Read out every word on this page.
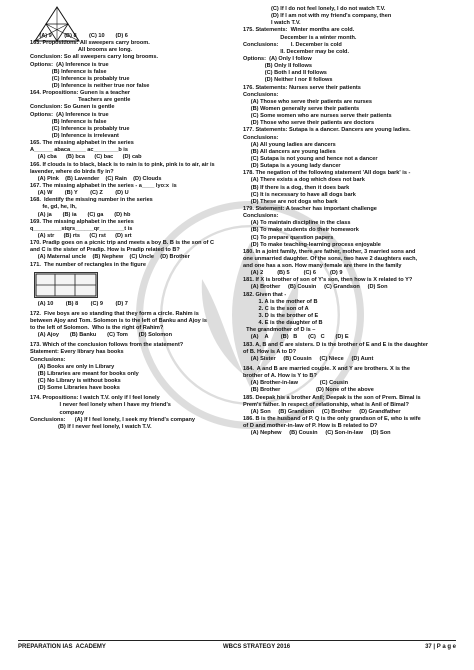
(A) 9        (B) 8        (C) 10       (D) 6
163. Propositions: All sweepers carry broom.
All brooms are long.
Conclusion: So all sweepers carry long brooms.
Options:  (A) Inference is true
(B) Inference is false
(C) Inference is probably true
(D) Inference is neither true nor false
164. Propositions: Gunen is a teacher
Teachers are gentle
Conclusion: So Gunen is gentle
Options:  (A) Inference is true
(B) Inference is false
(C) Inference is probably true
(D) Inference is irrelevant
165. The missing alphabet in the series
A______ abaca_____ ac________b is
(A) cba      (B) bca      (C) bac      (D) cab
166. If clouds is to black, black is to rain is to pink, pink is to air, air is
lavender, where do birds fly in?
(A) Pink    (B) Lavender    (C) Rain    (D) Clouds
167. The missing alphabet in the series - a____ lyo:x  is
(A) W        (B) Y        (C) Z        (D) U
168.  Identify the missing number in the series
fe, gd, he, lh,
(A) ja       (B) ia       (C) ga       (D) hb
169. The missing alphabet in the series
q_________stqrs______qr________t is
(A) str      (B) rts      (C) rst      (D) srt
170. Pradip goes on a picnic trip and meets a boy B. B is the son of C
and C is the sister of Pradip. How is Pradip related to B?
(A) Maternal uncle    (B) Nephew    (C) Uncle    (D) Brother
171.  The number of rectangles in the figure
(A) 10        (B) 8        (C) 9        (D) 7
172.  Five boys are so standing that they form a circle. Rahim is
between Ajoy and Tom. Solomon is to the left of Banku and Ajoy is
to the left of Solomon.  Who is the right of Rahim?
(A) Ajoy       (B) Banku       (C) Tom       (D) Solomon
173. Which of the conclusion follows from the statement?
Statement: Every library has books
Conclusions:
(A) Books are only in Library
(B) Libraries are meant for books only
(C) No Library is without books
(D) Some Libraries have books
174. Propositions: I watch T.V. only if I feel lonely
I never feel lonely when I have my friend's
company
Conclusions:      (A) If I feel lonely, I seek my friend's company
(B) If I never feel lonely, I watch T.V.
(C) If I do not feel lonely, I do not watch T.V.
(D) If I am not with my friend's company, then
I watch T.V.
175. Statements:  Winter months are cold.
December is a winter month.
Conclusions:        I. December is cold
II. December may be cold.
Options:  (A) Only I follow
(B) Only II follows
(C) Both I and II follows
(D) Neither I nor II follows
176. Statements: Nurses serve their patients
Conclusions:
(A) Those who serve their patients are nurses
(B) Women generally serve their patients
(C) Some women who are nurses serve their patients
(D) Those who serve their patients are doctors
177. Statements: Sutapa is a dancer. Dancers are young ladies.
Conclusions:
(A) All young ladies are dancers
(B) All dancers are young ladies
(C) Sutapa is not young and hence not a dancer
(D) Sutapa is a young lady dancer
178. The negation of the following statement 'All dogs bark' is -
(A) There exists a dog which does not bark
(B) If there is a dog, then it does bark
(C) It is necessary to have all dogs bark
(D) These are not dogs who bark
179. Statement: A teacher has important challenge
Conclusions:
(A) To maintain discipline in the class
(B) To make students do their homework
(C) To prepare question papers
(D) To make teaching-learning process enjoyable
180. In a joint family, there are father, mother, 3 married sons and
one unmarried daughter. Of the sons, two have 2 daughters each,
and one has a son. How many female are there in the family
(A) 2         (B) 5         (C) 6         (D) 9
181. If X is brother of son of Y's son, then how is X related to Y?
(A) Brother     (B) Cousin     (C) Grandson     (D) Son
182. Given that -
1. A is the mother of B
2. C is the son of A
3. D is the brother of E
4. E is the daughter of B
The grandmother of D is –
(A)    A        (B)   B       (C)   C       (D) E
183. A, B and C are sisters. D is the brother of E and E is the daughter
of B. How is A to D?
(A) Sister     (B) Cousin     (C) Niece     (D) Aunt
184.  A and B are married couple. X and Y are brothers. X is the
brother of A. How is Y to B?
(A) Brother-in-law              (C) Cousin
(B) Brother                       (D) None of the above
185. Deepak his a brother Anil; Deepak is the son of Prem. Bimal is
Prem's father. In respect of relationship, what is Anil of Bimal?
(A) Son     (B) Grandson     (C) Brother     (D) Grandfather
186. B is the husband of P. Q is the only grandson of E, who is wife
of D and mother-in-law of P. How is B related to D?
(A) Nephew     (B) Cousin     (C) Son-in-law     (D) Son
PREPARATION IAS  ACADEMY	WBCS STRATEGY 2016	37 | P a g e
